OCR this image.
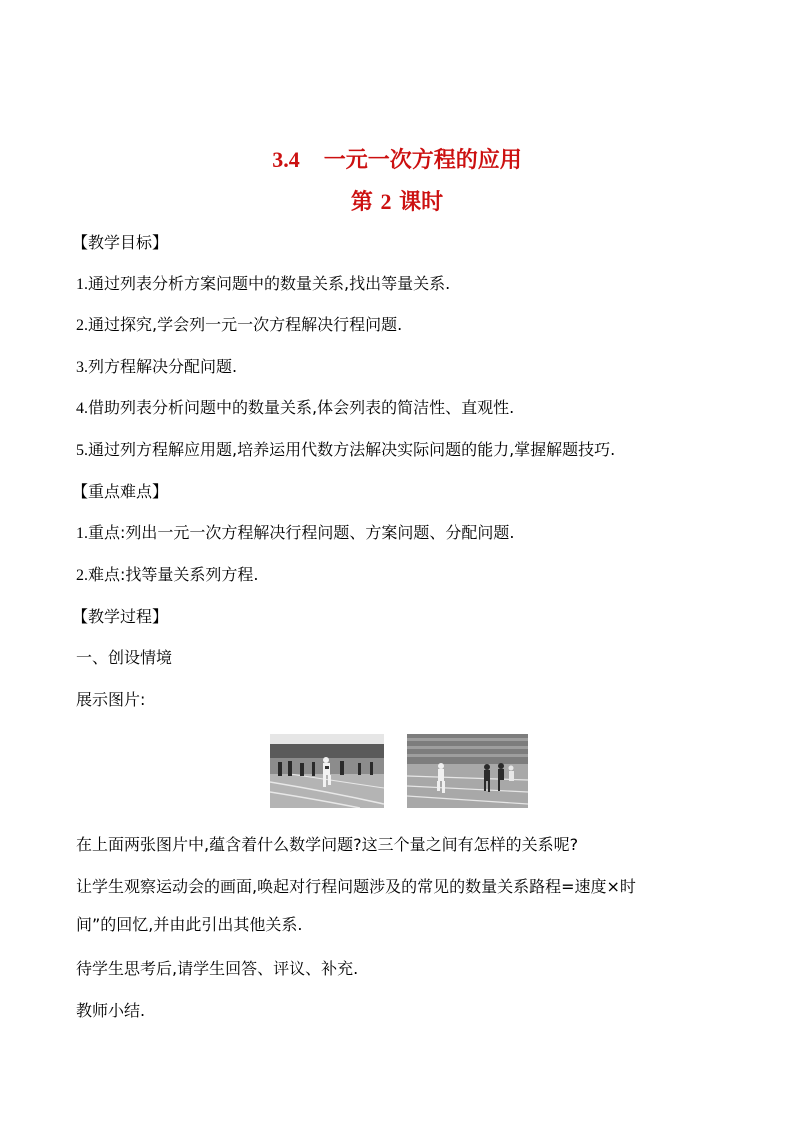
3.4 一元一次方程的应用
第 2 课时
【教学目标】
1.通过列表分析方案问题中的数量关系,找出等量关系.
2.通过探究,学会列一元一次方程解决行程问题.
3.列方程解决分配问题.
4.借助列表分析问题中的数量关系,体会列表的简洁性、直观性.
5.通过列方程解应用题,培养运用代数方法解决实际问题的能力,掌握解题技巧.
【重点难点】
1.重点:列出一元一次方程解决行程问题、方案问题、分配问题.
2.难点:找等量关系列方程.
【教学过程】
一、创设情境
展示图片:
在上面两张图片中,蕴含着什么数学问题?这三个量之间有怎样的关系呢?
让学生观察运动会的画面,唤起对行程问题涉及的常见的数量关系路程=速度×时
间”的回忆,并由此引出其他关系.
待学生思考后,请学生回答、评议、补充.
教师小结.
